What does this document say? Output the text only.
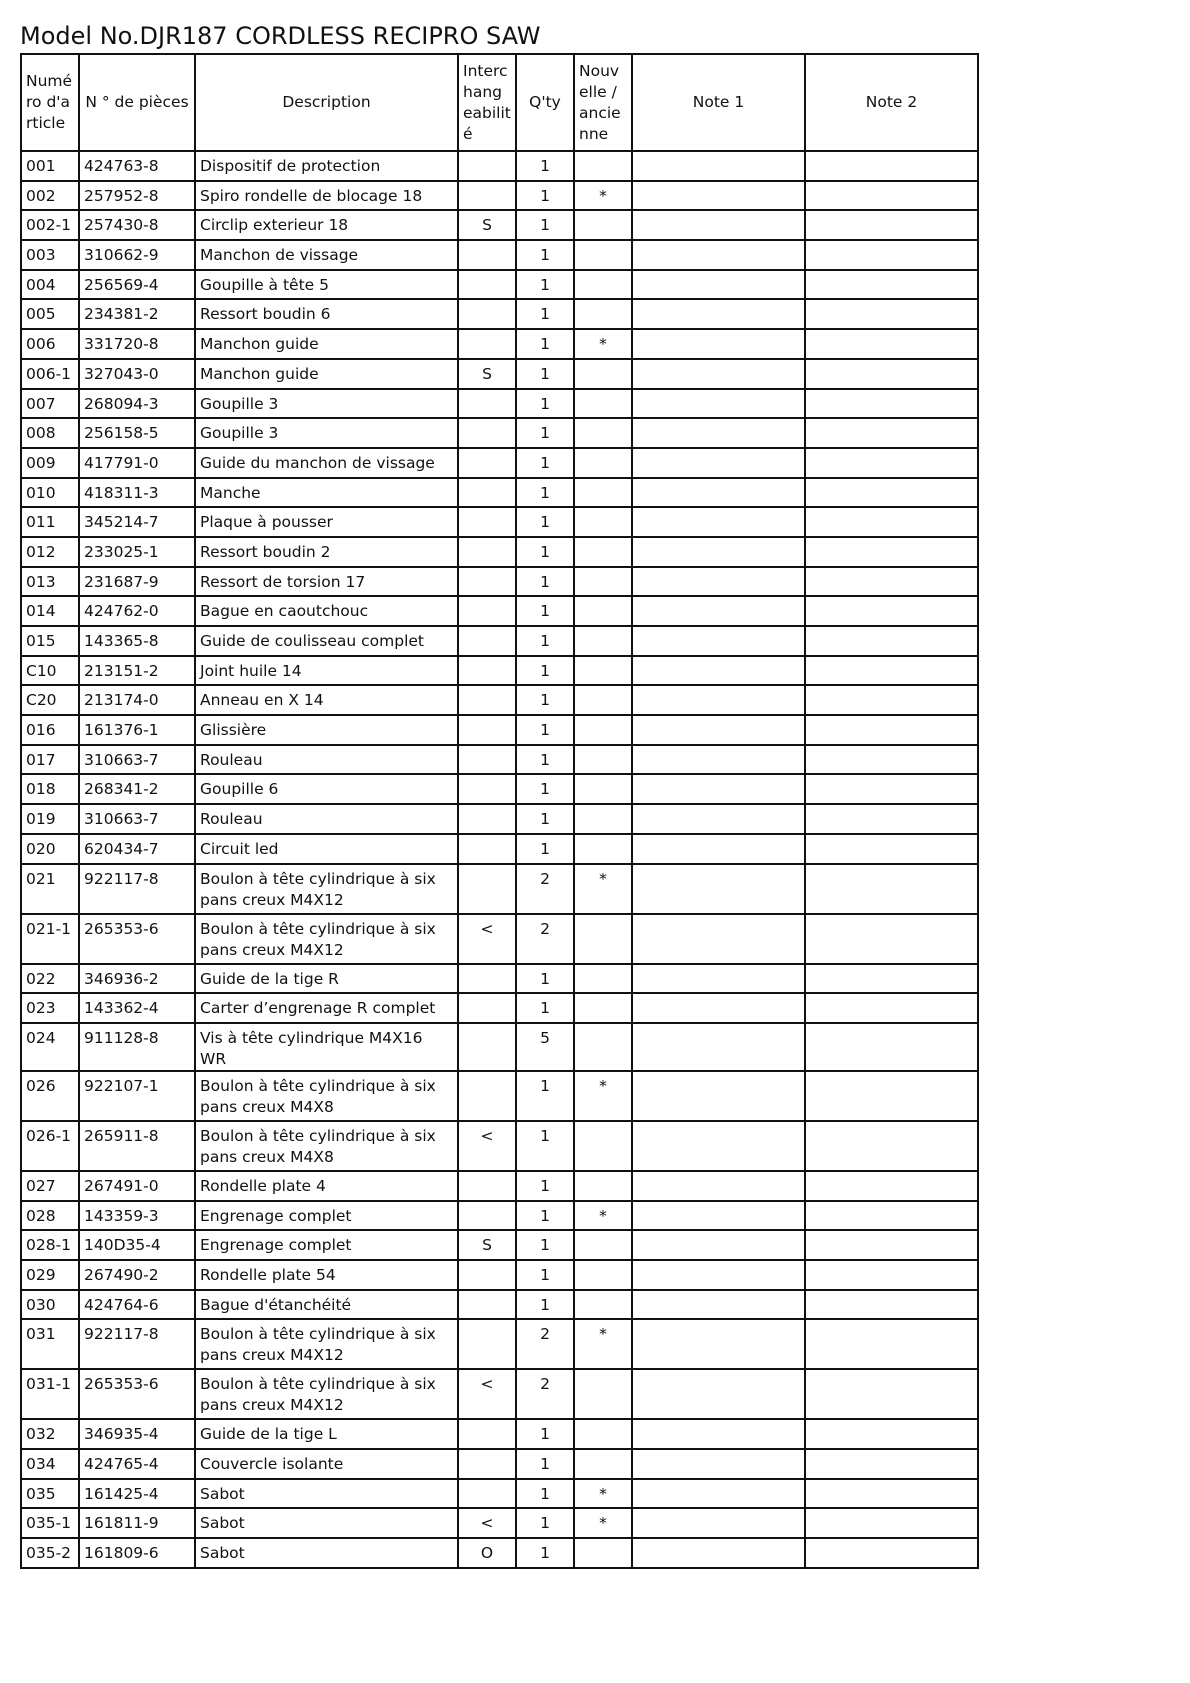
Model No.DJR187 CORDLESS RECIPRO SAW
Numéro d'article	N ° de pièces	Description	Interchangeabilité	Q'ty	Nouvelle / ancienne	Note 1	Note 2
001	424763-8	Dispositif de protection		1			
002	257952-8	Spiro rondelle de blocage 18		1	*		
002-1	257430-8	Circlip exterieur 18	S	1			
003	310662-9	Manchon de vissage		1			
004	256569-4	Goupille à tête 5		1			
005	234381-2	Ressort boudin 6		1			
006	331720-8	Manchon guide		1	*		
006-1	327043-0	Manchon guide	S	1			
007	268094-3	Goupille 3		1			
008	256158-5	Goupille 3		1			
009	417791-0	Guide du manchon de vissage		1			
010	418311-3	Manche		1			
011	345214-7	Plaque à pousser		1			
012	233025-1	Ressort boudin 2		1			
013	231687-9	Ressort de torsion 17		1			
014	424762-0	Bague en caoutchouc		1			
015	143365-8	Guide de coulisseau complet		1			
C10	213151-2	Joint huile 14		1			
C20	213174-0	Anneau en X 14		1			
016	161376-1	Glissière		1			
017	310663-7	Rouleau		1			
018	268341-2	Goupille 6		1			
019	310663-7	Rouleau		1			
020	620434-7	Circuit led		1			
021	922117-8	Boulon à tête cylindrique à six pans creux M4X12		2	*		
021-1	265353-6	Boulon à tête cylindrique à six pans creux M4X12	<	2			
022	346936-2	Guide de la tige R		1			
023	143362-4	Carter d’engrenage R complet		1			
024	911128-8	Vis à tête cylindrique M4X16 WR		5			
026	922107-1	Boulon à tête cylindrique à six pans creux M4X8		1	*		
026-1	265911-8	Boulon à tête cylindrique à six pans creux M4X8	<	1			
027	267491-0	Rondelle plate 4		1			
028	143359-3	Engrenage complet		1	*		
028-1	140D35-4	Engrenage complet	S	1			
029	267490-2	Rondelle plate 54		1			
030	424764-6	Bague d'étanchéité		1			
031	922117-8	Boulon à tête cylindrique à six pans creux M4X12		2	*		
031-1	265353-6	Boulon à tête cylindrique à six pans creux M4X12	<	2			
032	346935-4	Guide de la tige L		1			
034	424765-4	Couvercle isolante		1			
035	161425-4	Sabot		1	*		
035-1	161811-9	Sabot	<	1	*		
035-2	161809-6	Sabot	O	1			
